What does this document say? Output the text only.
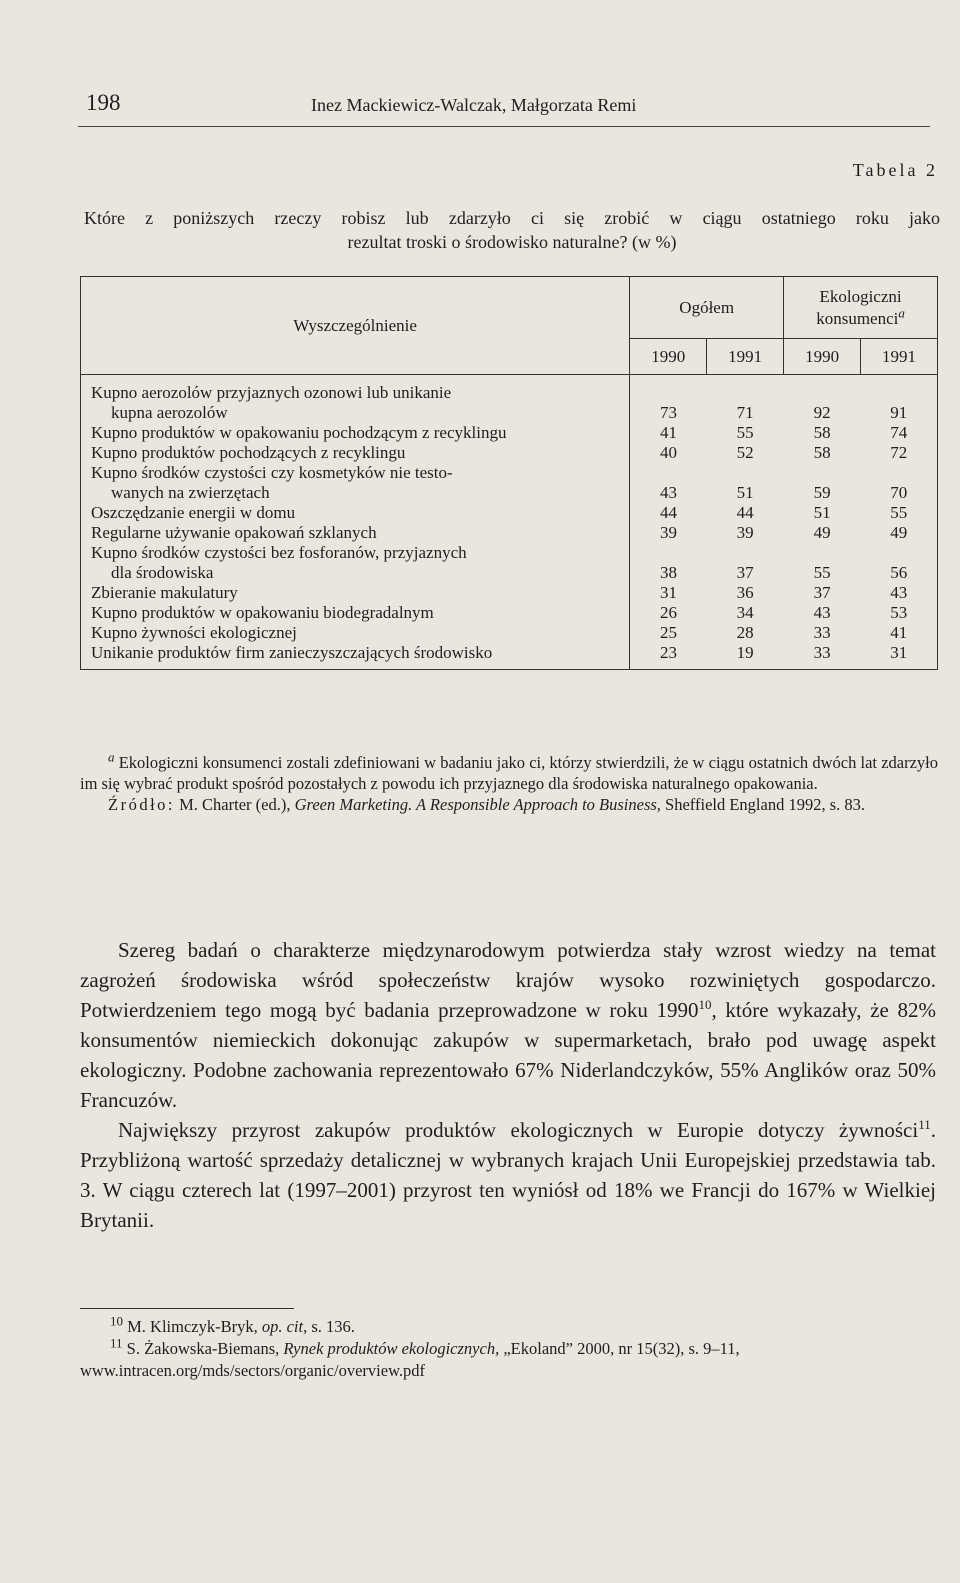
198	Inez Mackiewicz-Walczak, Małgorzata Remi
Tabela 2
Które z poniższych rzeczy robisz lub zdarzyło ci się zrobić w ciągu ostatniego roku jako
rezultat troski o środowisko naturalne? (w %)
Wyszczególnienie	Ogółem		Ekologiczni
konsumenci$^a$
	1990	1991	1990	1991
Kupno aerozolów przyjaznych ozonowi lub unikanie
kupna aerozolów	73	71	92	91
Kupno produktów w opakowaniu pochodzącym z recyklingu	41	55	58	74
Kupno produktów pochodzących z recyklingu	40	52	58	72
Kupno środków czystości czy kosmetyków nie testo-
wanych na zwierzętach	43	51	59	70
Oszczędzanie energii w domu	44	44	51	55
Regularne używanie opakowań szklanych	39	39	49	49
Kupno środków czystości bez fosforanów, przyjaznych
dla środowiska	38	37	55	56
Zbieranie makulatury	31	36	37	43
Kupno produktów w opakowaniu biodegradalnym	26	34	43	53
Kupno żywności ekologicznej	25	28	33	41
Unikanie produktów firm zanieczyszczających środowisko	23	19	33	31

$^a$ Ekologiczni konsumenci zostali zdefiniowani w badaniu jako ci, którzy stwierdzili, że w ciągu ostatnich dwóch lat zdarzyło im się wybrać produkt spośród pozostałych z powodu ich przyjaznego dla środowiska naturalnego opakowania.

Źródło: M. Charter (ed.), Green Marketing. A Responsible Approach to Business, Sheffield England 1992, s. 83.

Szereg badań o charakterze międzynarodowym potwierdza stały wzrost wiedzy na temat zagrożeń środowiska wśród społeczeństw krajów wysoko rozwiniętych gospodarczo. Potwierdzeniem tego mogą być badania przeprowadzone w roku 1990$^{10}$, które wykazały, że 82% konsumentów niemieckich dokonując zakupów w supermarketach, brało pod uwagę aspekt ekologiczny. Podobne zachowania reprezentowało 67% Niderlandczyków, 55% Anglików oraz 50% Francuzów.

Największy przyrost zakupów produktów ekologicznych w Europie dotyczy żywności$^{11}$. Przybliżoną wartość sprzedaży detalicznej w wybranych krajach Unii Europejskiej przedstawia tab. 3. W ciągu czterech lat (1997–2001) przyrost ten wyniósł od 18% we Francji do 167% w Wielkiej Brytanii.

$^{10}$ M. Klimczyk-Bryk, op. cit, s. 136.

$^{11}$ S. Żakowska-Biemans, Rynek produktów ekologicznych, „Ekoland” 2000, nr 15(32), s. 9–11,

www.intracen.org/mds/sectors/organic/overview.pdf
